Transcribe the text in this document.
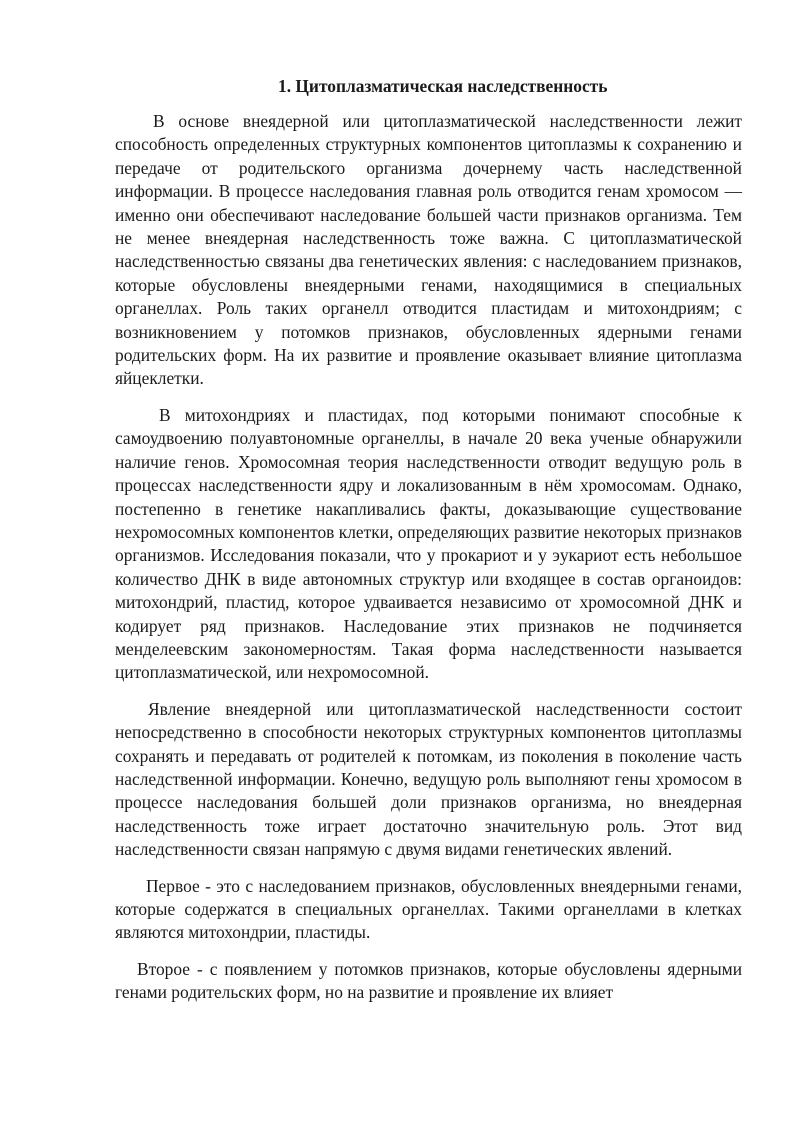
1. Цитоплазматическая наследственность

В основе внеядерной или цитоплазматической наследственности лежит способность определенных структурных компонентов цитоплазмы к сохранению и передаче от родительского организма дочернему часть наследственной информации. В процессе наследования главная роль отводится генам хромосом — именно они обеспечивают наследование большей части признаков организма. Тем не менее внеядерная наследственность тоже важна. С цитоплазматической наследственностью связаны два генетических явления: с наследованием признаков, которые обусловлены внеядерными генами, находящимися в специальных органеллах. Роль таких органелл отводится пластидам и митохондриям; с возникновением у потомков признаков, обусловленных ядерными генами родительских форм. На их развитие и проявление оказывает влияние цитоплазма яйцеклетки.

В митохондриях и пластидах, под которыми понимают способные к самоудвоению полуавтономные органеллы, в начале 20 века ученые обнаружили наличие генов. Хромосомная теория наследственности отводит ведущую роль в процессах наследственности ядру и локализованным в нём хромосомам. Однако, постепенно в генетике накапливались факты, доказывающие существование нехромосомных компонентов клетки, определяющих развитие некоторых признаков организмов. Исследования показали, что у прокариот и у эукариот есть небольшое количество ДНК в виде автономных структур или входящее в состав органоидов: митохондрий, пластид, которое удваивается независимо от хромосомной ДНК и кодирует ряд признаков. Наследование этих признаков не подчиняется менделеевским закономерностям. Такая форма наследственности называется цитоплазматической, или нехромосомной.

Явление внеядерной или цитоплазматической наследственности состоит непосредственно в способности некоторых структурных компонентов цитоплазмы сохранять и передавать от родителей к потомкам, из поколения в поколение часть наследственной информации. Конечно, ведущую роль выполняют гены хромосом в процессе наследования большей доли признаков организма, но внеядерная наследственность тоже играет достаточно значительную роль. Этот вид наследственности связан напрямую с двумя видами генетических явлений.

Первое - это с наследованием признаков, обусловленных внеядерными генами, которые содержатся в специальных органеллах. Такими органеллами в клетках являются митохондрии, пластиды.

Второе - с появлением у потомков признаков, которые обусловлены ядерными генами родительских форм, но на развитие и проявление их влияет
